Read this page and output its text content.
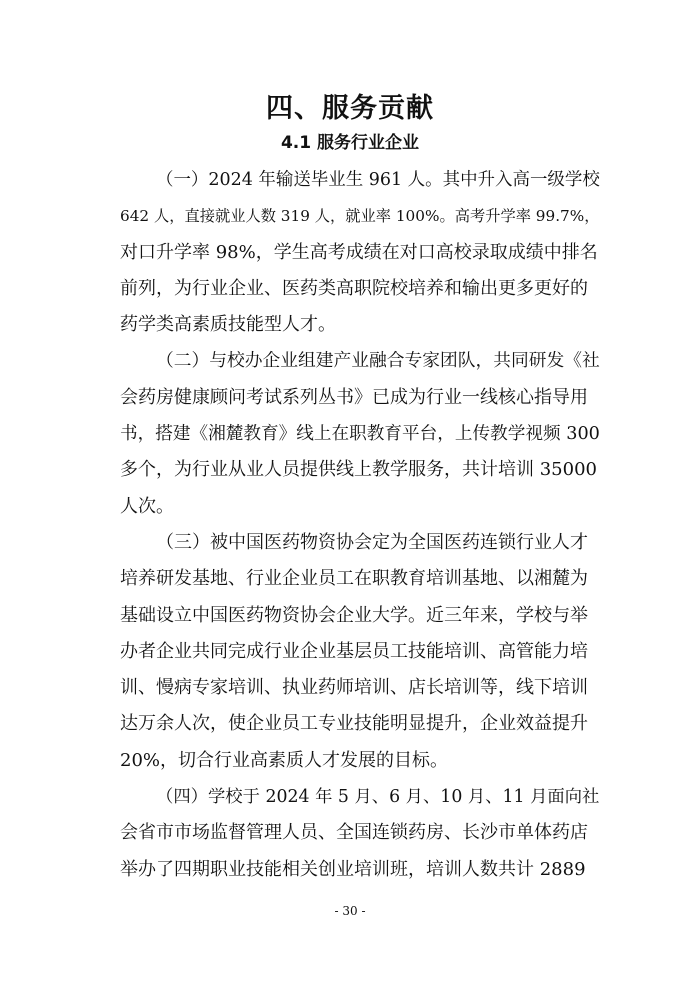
四、服务贡献
4.1 服务行业企业

（一）2024 年输送毕业生 961 人。其中升入高一级学校
642 人，直接就业人数 319 人，就业率 100%。高考升学率 99.7%，
对口升学率 98%，学生高考成绩在对口高校录取成绩中排名
前列，为行业企业、医药类高职院校培养和输出更多更好的
药学类高素质技能型人才。

（二）与校办企业组建产业融合专家团队，共同研发《社
会药房健康顾问考试系列丛书》已成为行业一线核心指导用
书，搭建《湘麓教育》线上在职教育平台，上传教学视频 300
多个，为行业从业人员提供线上教学服务，共计培训 35000
人次。

（三）被中国医药物资协会定为全国医药连锁行业人才
培养研发基地、行业企业员工在职教育培训基地、以湘麓为
基础设立中国医药物资协会企业大学。近三年来，学校与举
办者企业共同完成行业企业基层员工技能培训、高管能力培
训、慢病专家培训、执业药师培训、店长培训等，线下培训
达万余人次，使企业员工专业技能明显提升，企业效益提升
20%，切合行业高素质人才发展的目标。

（四）学校于 2024 年 5 月、6 月、10 月、11 月面向社
会省市市场监督管理人员、全国连锁药房、长沙市单体药店
举办了四期职业技能相关创业培训班，培训人数共计 2889

- 30 -
